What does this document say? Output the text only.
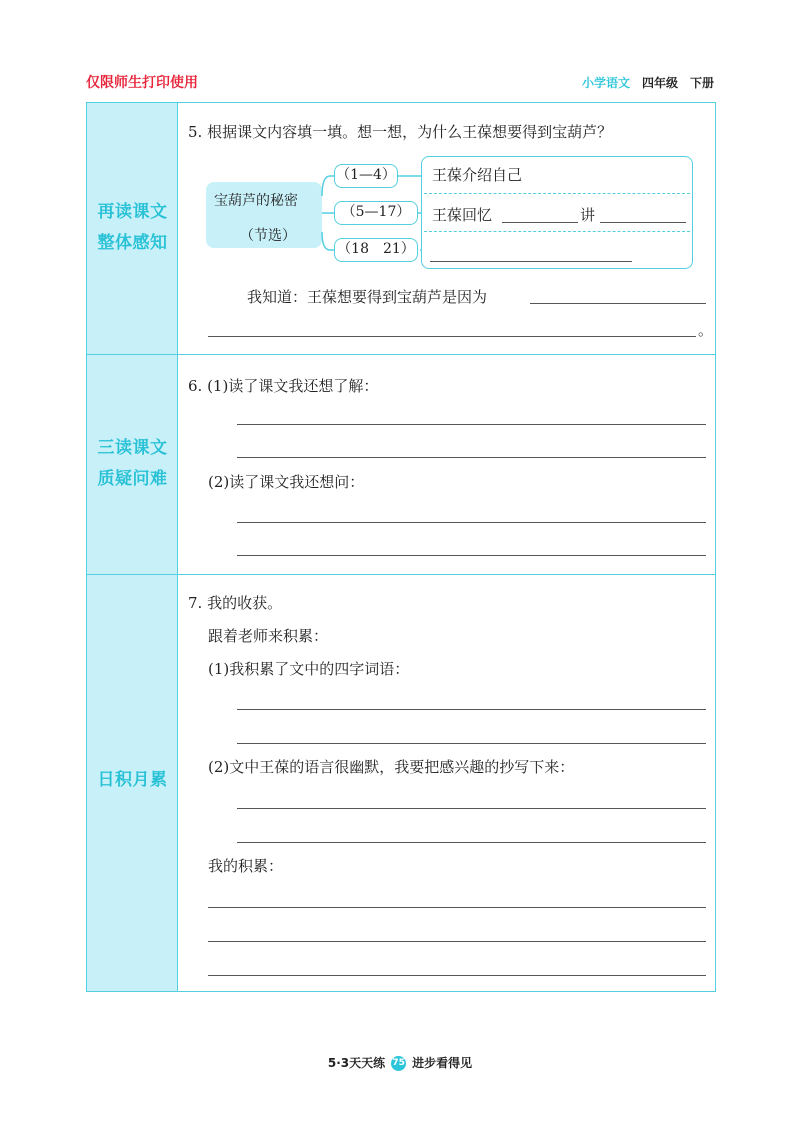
仅限师生打印使用	小学语文 四年级 下册
再读课文
整体感知
三读课文
质疑问难
日积月累
5. 根据课文内容填一填。想一想，为什么王葆想要得到宝葫芦？
宝葫芦的秘密
（节选）
（1—4）
（5—17）
（18　21）
王葆介绍自己
王葆回忆	讲
我知道：王葆想要得到宝葫芦是因为
。
6. (1)读了课文我还想了解：
(2)读了课文我还想问：
7. 我的收获。
跟着老师来积累：
(1)我积累了文中的四字词语：
(2)文中王葆的语言很幽默，我要把感兴趣的抄写下来：
我的积累：
5·3天天练 75 进步看得见
